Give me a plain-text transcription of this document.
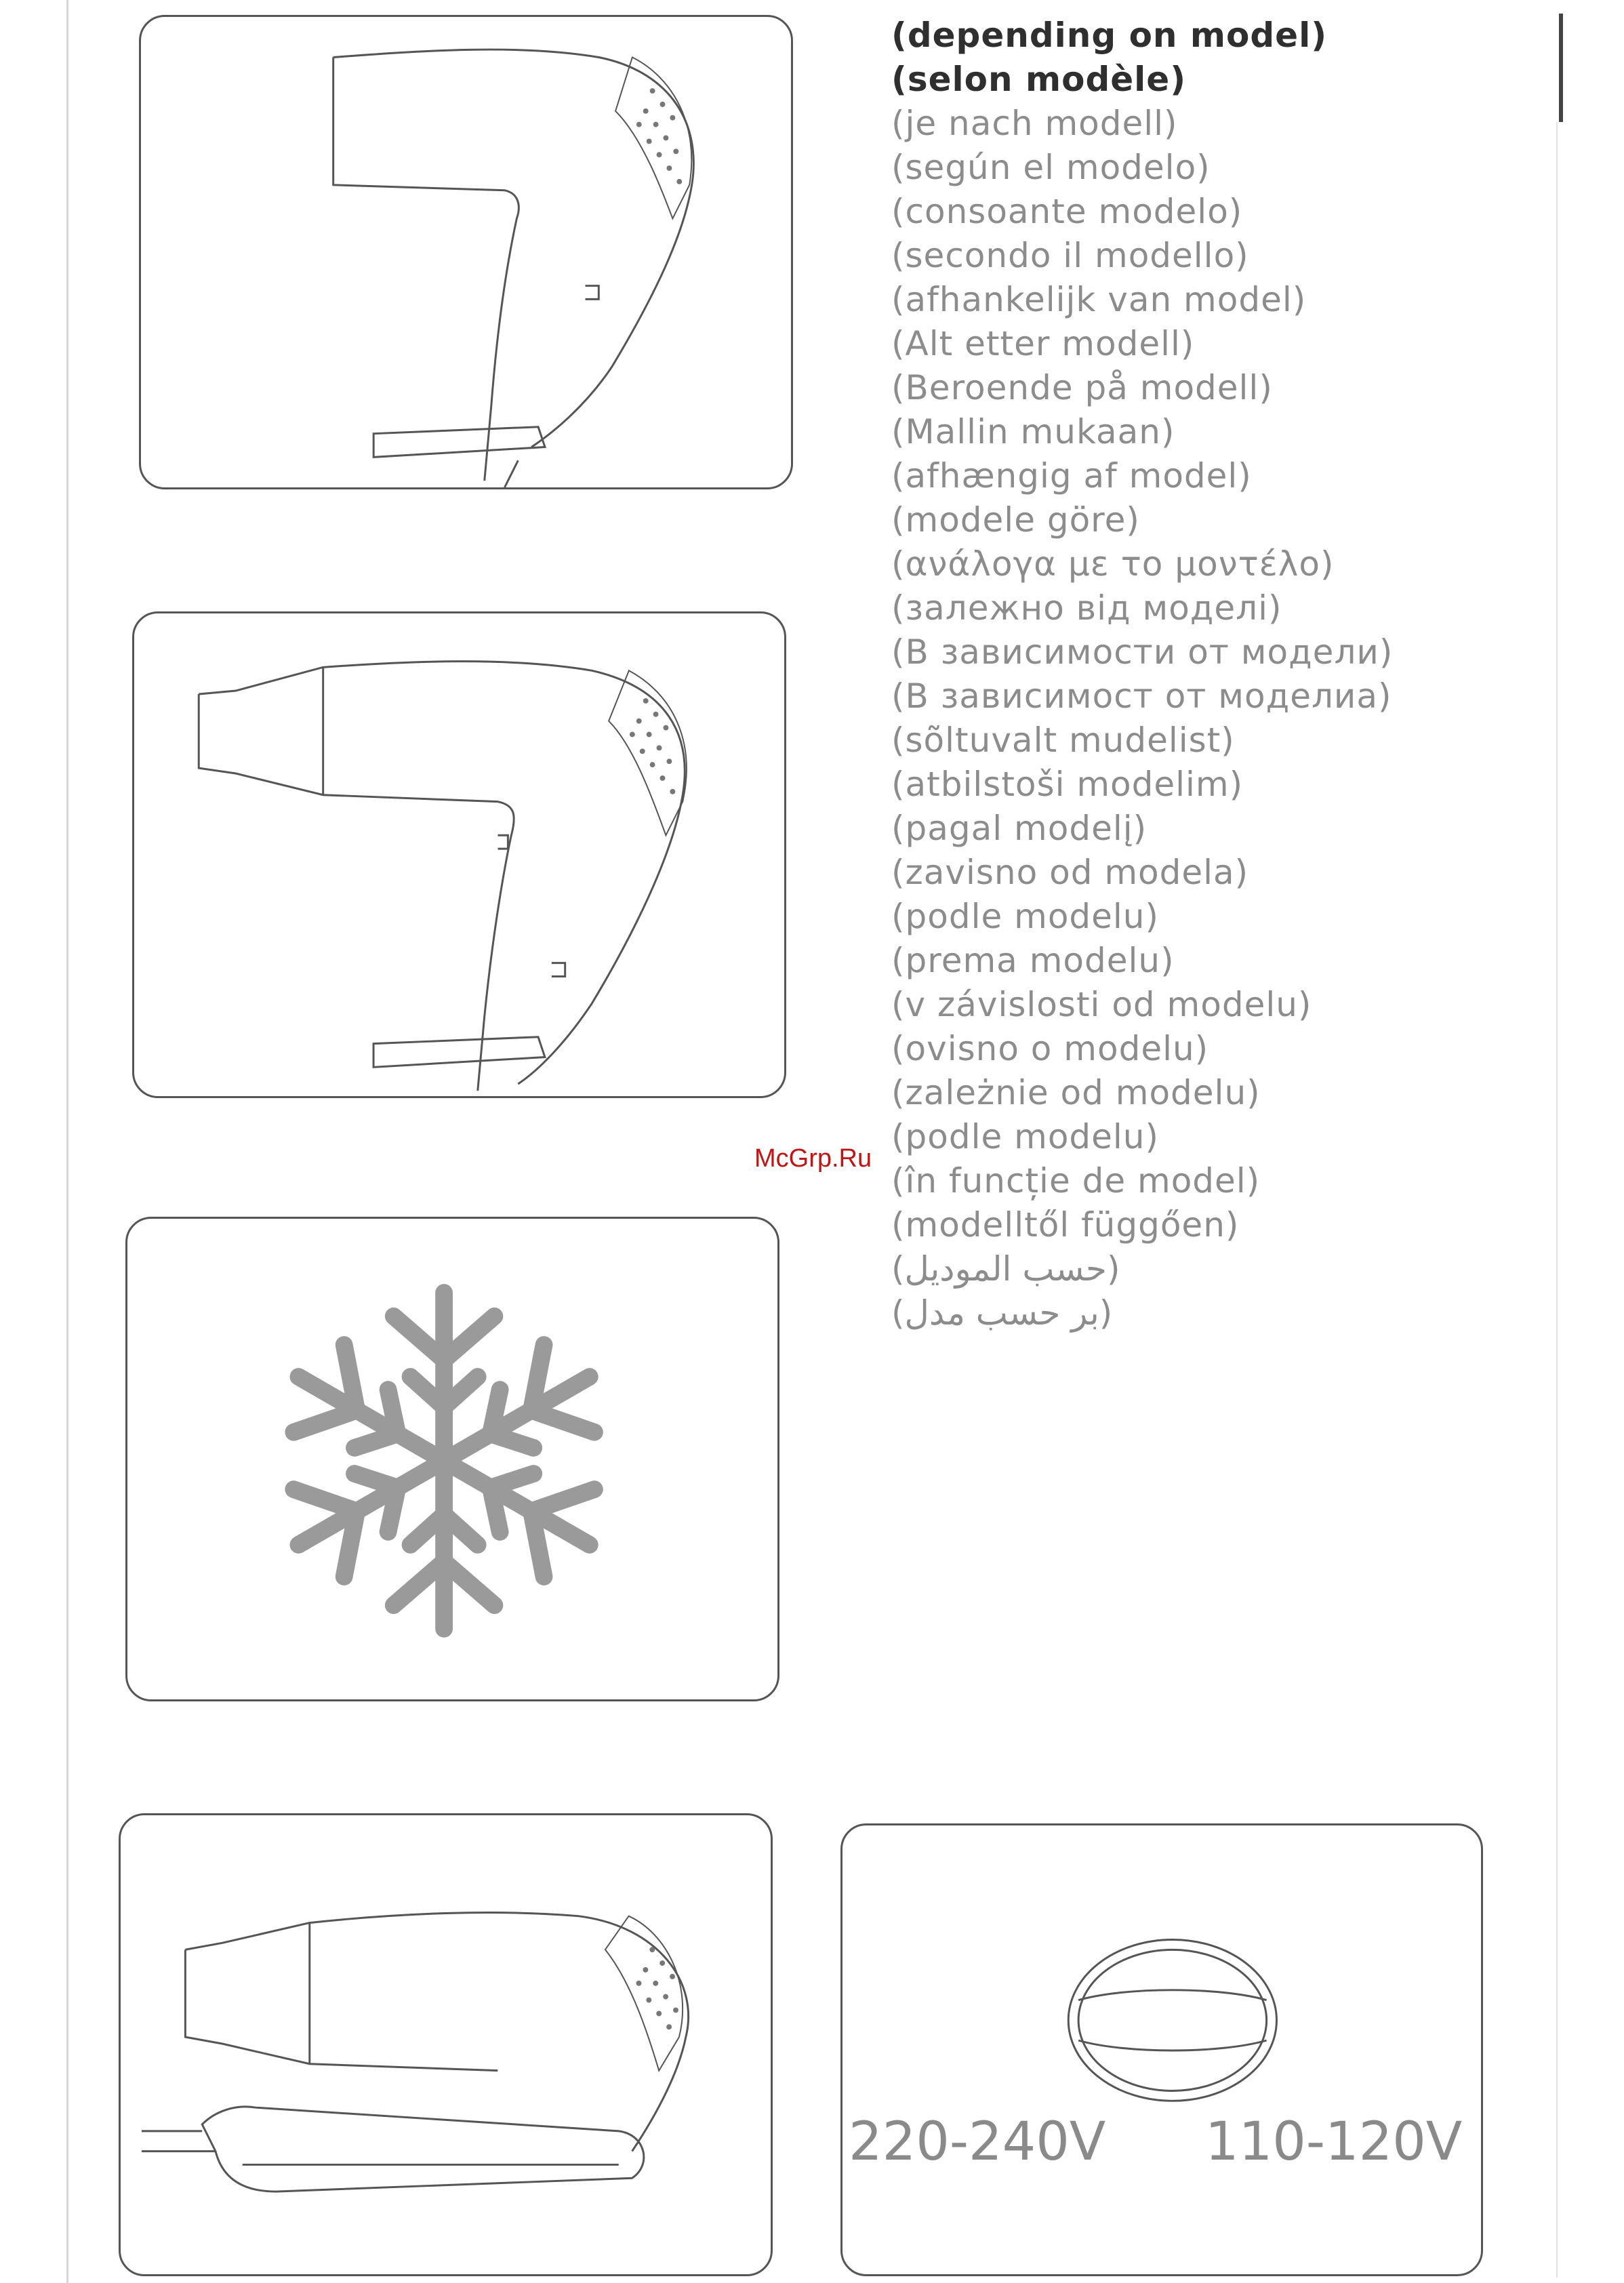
(depending on model)
(selon modèle)
(je nach modell)
(según el modelo)
(consoante modelo)
(secondo il modello)
(afhankelijk van model)
(Alt etter modell)
(Beroende på modell)
(Mallin mukaan)
(afhængig af model)
(modele göre)
(ανάλογα με το μοντέλο)
(залежно від моделі)
(В зависимости от модели)
(В зависимост от моделиа)
(sõltuvalt mudelist)
(atbilstoši modelim)
(pagal modelį)
(zavisno od modela)
(podle modelu)
(prema modelu)
(v závislosti od modelu)
(ovisno o modelu)
(zależnie od modelu)
(podle modelu)
(în funcție de model)
(modelltől függően)
(حسب الموديل)
(بر حسب مدل)
McGrp.Ru
220-240V 110-120V
